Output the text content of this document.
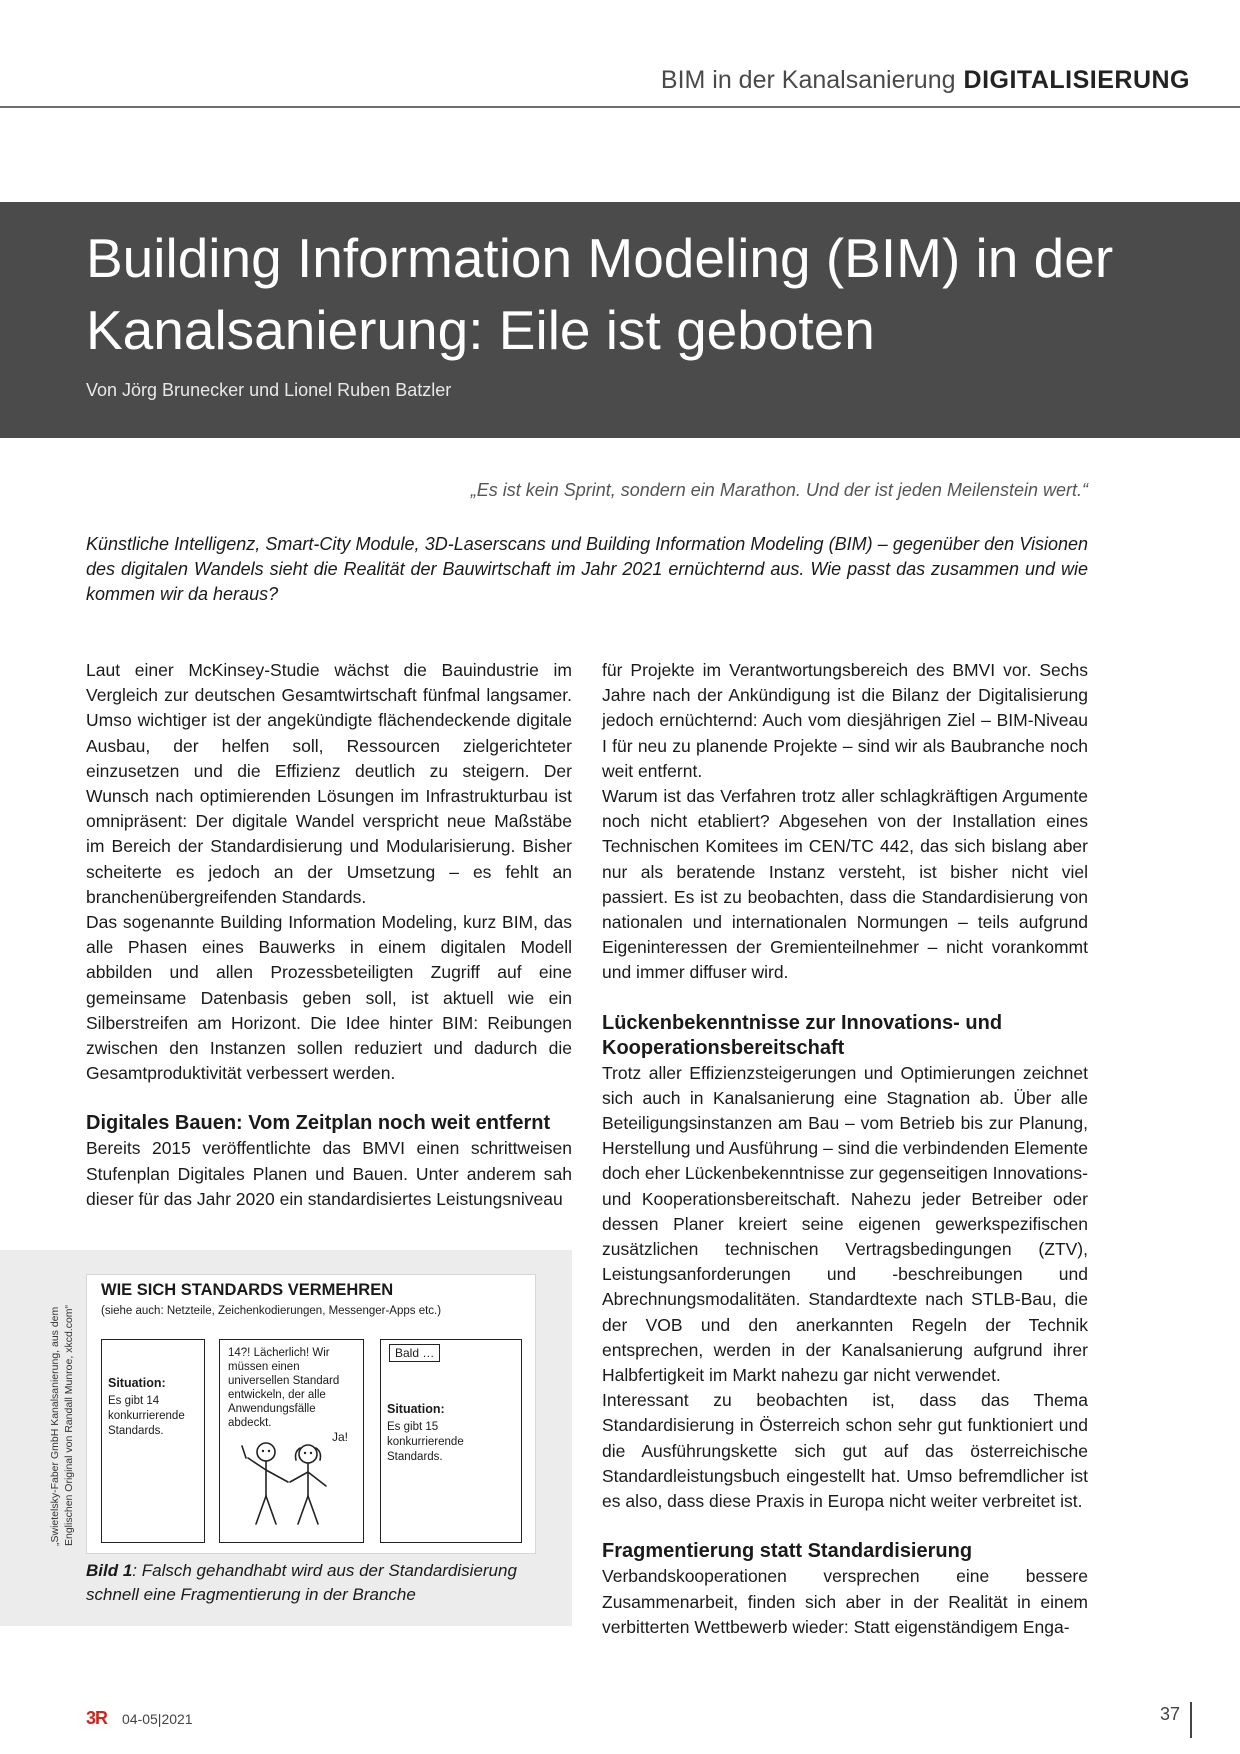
BIM in der Kanalsanierung DIGITALISIERUNG
Building Information Modeling (BIM) in der Kanalsanierung: Eile ist geboten
Von Jörg Brunecker und Lionel Ruben Batzler
„Es ist kein Sprint, sondern ein Marathon. Und der ist jeden Meilenstein wert.“

Künstliche Intelligenz, Smart-City Module, 3D-Laserscans und Building Information Modeling (BIM) – gegenüber den Visionen des digitalen Wandels sieht die Realität der Bauwirtschaft im Jahr 2021 ernüchternd aus. Wie passt das zusammen und wie kommen wir da heraus?

Laut einer McKinsey-Studie wächst die Bauindustrie im Vergleich zur deutschen Gesamtwirtschaft fünfmal langsamer. Umso wichtiger ist der angekündigte flächendeckende digitale Ausbau, der helfen soll, Ressourcen zielgerichteter einzusetzen und die Effizienz deutlich zu steigern. Der Wunsch nach optimierenden Lösungen im Infrastrukturbau ist omnipräsent: Der digitale Wandel verspricht neue Maßstäbe im Bereich der Standardisierung und Modularisierung. Bisher scheiterte es jedoch an der Umsetzung – es fehlt an branchenübergreifenden Standards.

Das sogenannte Building Information Modeling, kurz BIM, das alle Phasen eines Bauwerks in einem digitalen Modell abbilden und allen Prozessbeteiligten Zugriff auf eine gemeinsame Datenbasis geben soll, ist aktuell wie ein Silberstreifen am Horizont. Die Idee hinter BIM: Reibungen zwischen den Instanzen sollen reduziert und dadurch die Gesamtproduktivität verbessert werden.

Digitales Bauen: Vom Zeitplan noch weit entfernt

Bereits 2015 veröffentlichte das BMVI einen schrittweisen Stufenplan Digitales Planen und Bauen. Unter anderem sah dieser für das Jahr 2020 ein standardisiertes Leistungsniveau

für Projekte im Verantwortungsbereich des BMVI vor. Sechs Jahre nach der Ankündigung ist die Bilanz der Digitalisierung jedoch ernüchternd: Auch vom diesjährigen Ziel – BIM-Niveau I für neu zu planende Projekte – sind wir als Baubranche noch weit entfernt.

Warum ist das Verfahren trotz aller schlagkräftigen Argumente noch nicht etabliert? Abgesehen von der Installation eines Technischen Komitees im CEN/TC 442, das sich bislang aber nur als beratende Instanz versteht, ist bisher nicht viel passiert. Es ist zu beobachten, dass die Standardisierung von nationalen und internationalen Normungen – teils aufgrund Eigeninteressen der Gremienteilnehmer – nicht vorankommt und immer diffuser wird.

Lückenbekenntnisse zur Innovations- und Kooperationsbereitschaft

Trotz aller Effizienzsteigerungen und Optimierungen zeichnet sich auch in Kanalsanierung eine Stagnation ab. Über alle Beteiligungsinstanzen am Bau – vom Betrieb bis zur Planung, Herstellung und Ausführung – sind die verbindenden Elemente doch eher Lückenbekenntnisse zur gegenseitigen Innovations- und Kooperationsbereitschaft. Nahezu jeder Betreiber oder dessen Planer kreiert seine eigenen gewerkspezifischen zusätzlichen technischen Vertragsbedingungen (ZTV), Leistungsanforderungen und -beschreibungen und Abrechnungsmodalitäten. Standardtexte nach STLB-Bau, die der VOB und den anerkannten Regeln der Technik entsprechen, werden in der Kanalsanierung aufgrund ihrer Halbfertigkeit im Markt nahezu gar nicht verwendet.

Interessant zu beobachten ist, dass das Thema Standardisierung in Österreich schon sehr gut funktioniert und die Ausführungskette sich gut auf das österreichische Standardleistungsbuch eingestellt hat. Umso befremdlicher ist es also, dass diese Praxis in Europa nicht weiter verbreitet ist.

Fragmentierung statt Standardisierung

Verbandskooperationen versprechen eine bessere Zusammenarbeit, finden sich aber in der Realität in einem verbitterten Wettbewerb wieder: Statt eigenständigem Enga-

„Swietelsky-Faber GmbH Kanalsanierung, aus dem Englischen Original von Randall Munroe, xkcd.com“
WIE SICH STANDARDS VERMEHREN
(siehe auch: Netzteile, Zeichenkodierungen, Messenger-Apps etc.)
Situation:
Es gibt 14 konkurrierende Standards.
14?! Lächerlich! Wir müssen einen universellen Standard entwickeln, der alle Anwendungsfälle abdeckt.
Ja!
Bald …
Situation:
Es gibt 15 konkurrierende Standards.
Bild 1: Falsch gehandhabt wird aus der Standardisierung schnell eine Fragmentierung in der Branche
3R 04-05|2021	37
